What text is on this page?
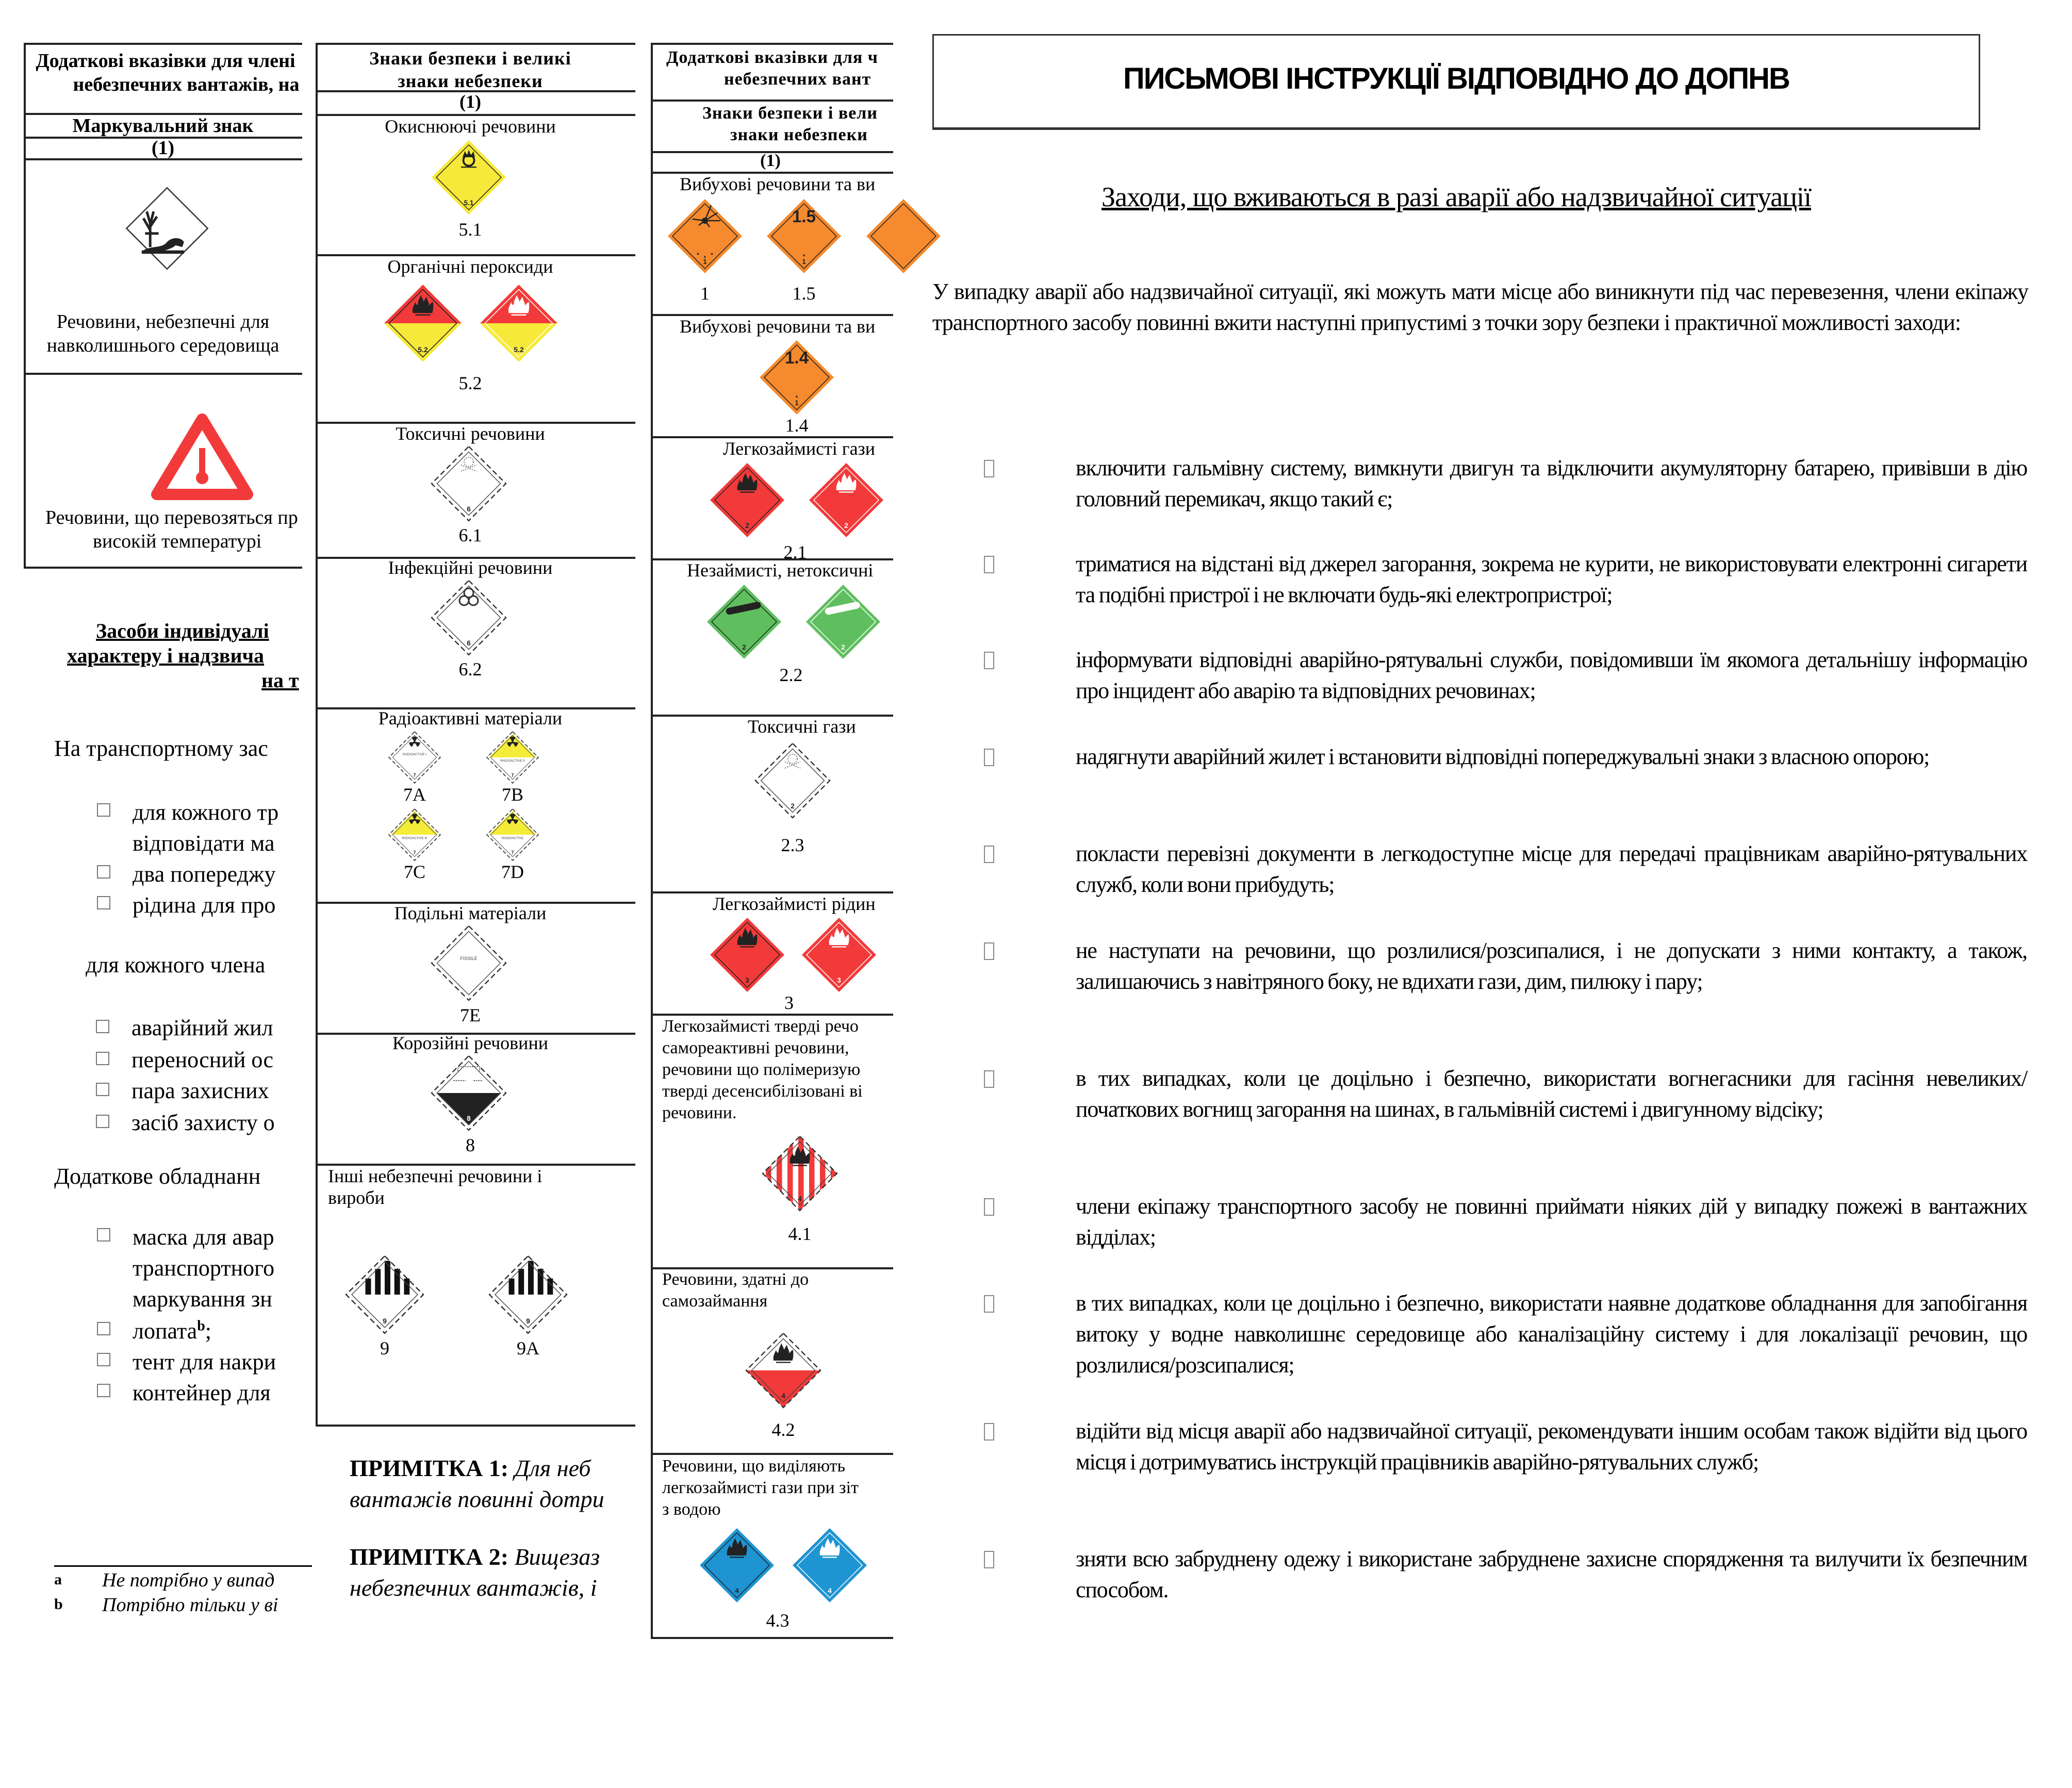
Додаткові вказівки для члені
небезпечних вантажів, на
Маркувальний знак
(1)
Речовини, небезпечні для
навколишнього середовища
Речовини, що перевозяться пр
високій температурі
Засоби індивідуалі
характеру і надзвича
на т
На транспортному зас
для кожного тр
відповідати ма
два попереджу
рідина для про
для кожного члена
аварійний жил
переносний ос
пара захисних
засіб захисту о
Додаткове обладнанн
маска для авар
транспортного
маркування зн
лопата$^b$;
тент для накри
контейнер для
a Не потрібно у випад
b Потрібно тільки у ві
Знаки безпеки і великі
знаки небезпеки
(1)
Окиснюючі речовини
5.1
5.1
Органічні пероксиди
5.2	5.2
5.2
Токсичні речовини
6
6.1
Інфекційні речовини
6
6.2
Радіоактивні матеріали
RADIOACTIVE I
7
7A
RADIOACTIVE II
7
7B
RADIOACTIVE III
7
7C
RADIOACTIVE
7
7D
Подільні матеріали
FISSILE
7E
Корозійні речовини
8
8
Інші небезпечні речовини і
вироби
9	9
9	9A
ПРИМІТКА 1: Для неб
вантажів повинні дотри
ПРИМІТКА 2: Вищезаз
небезпечних вантажів, і
Додаткові вказівки для ч
небезпечних вант
Знаки безпеки і вели
знаки небезпеки
(1)
Вибухові речовини та ви
1
1.5
1
1	1.5
Вибухові речовини та ви
1.4
1
1.4
Легкозаймисті гази
2	2
2.1
Незаймисті, нетоксичні
2	2
2.2
Токсичні гази
2
2.3
Легкозаймисті рідин
3	3
3
Легкозаймисті тверді речо
самореактивні речовини,
речовини що полімеризую
тверді десенсибілізовані ві
речовини.
4
4.1
Речовини, здатні до
самозаймання
4
4.2
Речовини, що виділяють
легкозаймисті гази при зіт
з водою
4	4
4.3
ПИСЬМОВІ ІНСТРУКЦІЇ ВІДПОВІДНО ДО ДОПНВ
Заходи, що вживаються в разі аварії або надзвичайної ситуації
У випадку аварії або надзвичайної ситуації, які можуть мати місце або виникнути під час перевезення, члени екіпажу транспортного засобу повинні вжити наступні припустимі з точки зору безпеки і практичної можливості заходи:
включити гальмівну систему, вимкнути двигун та відключити акумуляторну батарею, привівши в дію головний перемикач, якщо такий є;
триматися на відстані від джерел загорання, зокрема не курити, не використовувати електронні сигарети та подібні пристрої і не включати будь-які електропристрої;
інформувати відповідні аварійно-рятувальні служби, повідомивши їм якомога детальнішу інформацію про інцидент або аварію та відповідних речовинах;
надягнути аварійний жилет і встановити відповідні попереджувальні знаки з власною опорою;
покласти перевізні документи в легкодоступне місце для передачі працівникам аварійно-рятувальних служб, коли вони прибудуть;
не наступати на речовини, що розлилися/розсипалися, і не допускати з ними контакту, а також, залишаючись з навітряного боку, не вдихати гази, дим, пилюку і пару;
в тих випадках, коли це доцільно і безпечно, використати вогнегасники для гасіння невеликих/початкових вогнищ загорання на шинах, в гальмівній системі і двигунному відсіку;
члени екіпажу транспортного засобу не повинні приймати ніяких дій у випадку пожежі в вантажних відділах;
в тих випадках, коли це доцільно і безпечно, використати наявне додаткове обладнання для запобігання витоку у водне навколишнє середовище або каналізаційну систему і для локалізації речовин, що розлилися/розсипалися;
відійти від місця аварії або надзвичайної ситуації, рекомендувати іншим особам також відійти від цього місця і дотримуватись інструкцій працівників аварійно-рятувальних служб;
зняти всю забруднену одежу і використане забруднене захисне спорядження та вилучити їх безпечним способом.
